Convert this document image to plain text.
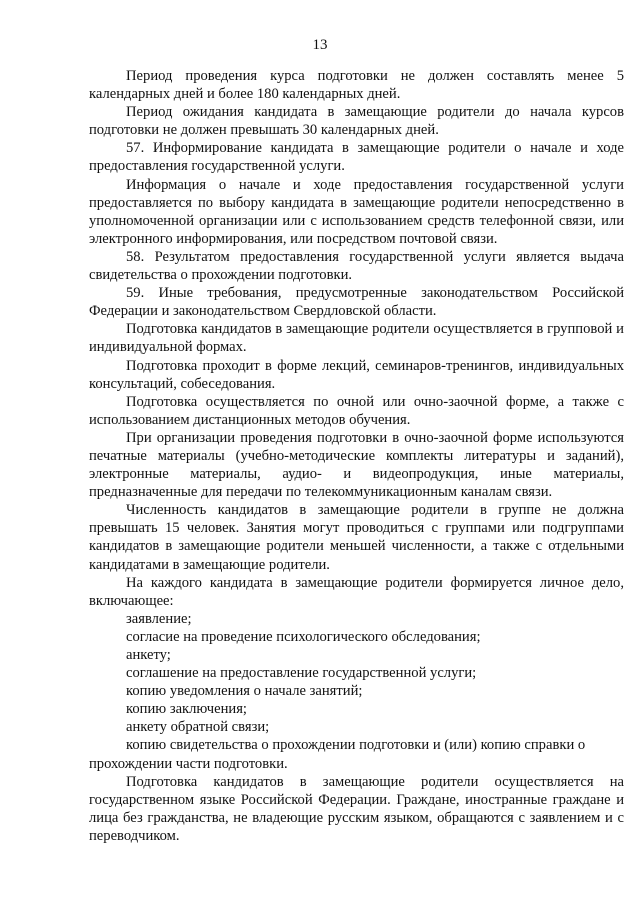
13

Период проведения курса подготовки не должен составлять менее 5 календарных дней и более 180 календарных дней.

Период ожидания кандидата в замещающие родители до начала курсов подготовки не должен превышать 30 календарных дней.

57. Информирование кандидата в замещающие родители о начале и ходе предоставления государственной услуги.

Информация о начале и ходе предоставления государственной услуги предоставляется по выбору кандидата в замещающие родители непосредственно в уполномоченной организации или с использованием средств телефонной связи, или электронного информирования, или посредством почтовой связи.

58. Результатом предоставления государственной услуги является выдача свидетельства о прохождении подготовки.

59. Иные требования, предусмотренные законодательством Российской Федерации и законодательством Свердловской области.

Подготовка кандидатов в замещающие родители осуществляется в групповой и индивидуальной формах.

Подготовка проходит в форме лекций, семинаров-тренингов, индивидуальных консультаций, собеседования.

Подготовка осуществляется по очной или очно-заочной форме, а также с использованием дистанционных методов обучения.

При организации проведения подготовки в очно-заочной форме используются печатные материалы (учебно-методические комплекты литературы и заданий), электронные материалы, аудио- и видеопродукция, иные материалы, предназначенные для передачи по телекоммуникационным каналам связи.

Численность кандидатов в замещающие родители в группе не должна превышать 15 человек. Занятия могут проводиться с группами или подгруппами кандидатов в замещающие родители меньшей численности, а также с отдельными кандидатами в замещающие родители.

На каждого кандидата в замещающие родители формируется личное дело, включающее:

заявление;

согласие на проведение психологического обследования;

анкету;

соглашение на предоставление государственной услуги;

копию уведомления о начале занятий;

копию заключения;

анкету обратной связи;

копию свидетельства о прохождении подготовки и (или) копию справки о прохождении части подготовки.

Подготовка кандидатов в замещающие родители осуществляется на государственном языке Российской Федерации. Граждане, иностранные граждане и лица без гражданства, не владеющие русским языком, обращаются с заявлением и с переводчиком.
